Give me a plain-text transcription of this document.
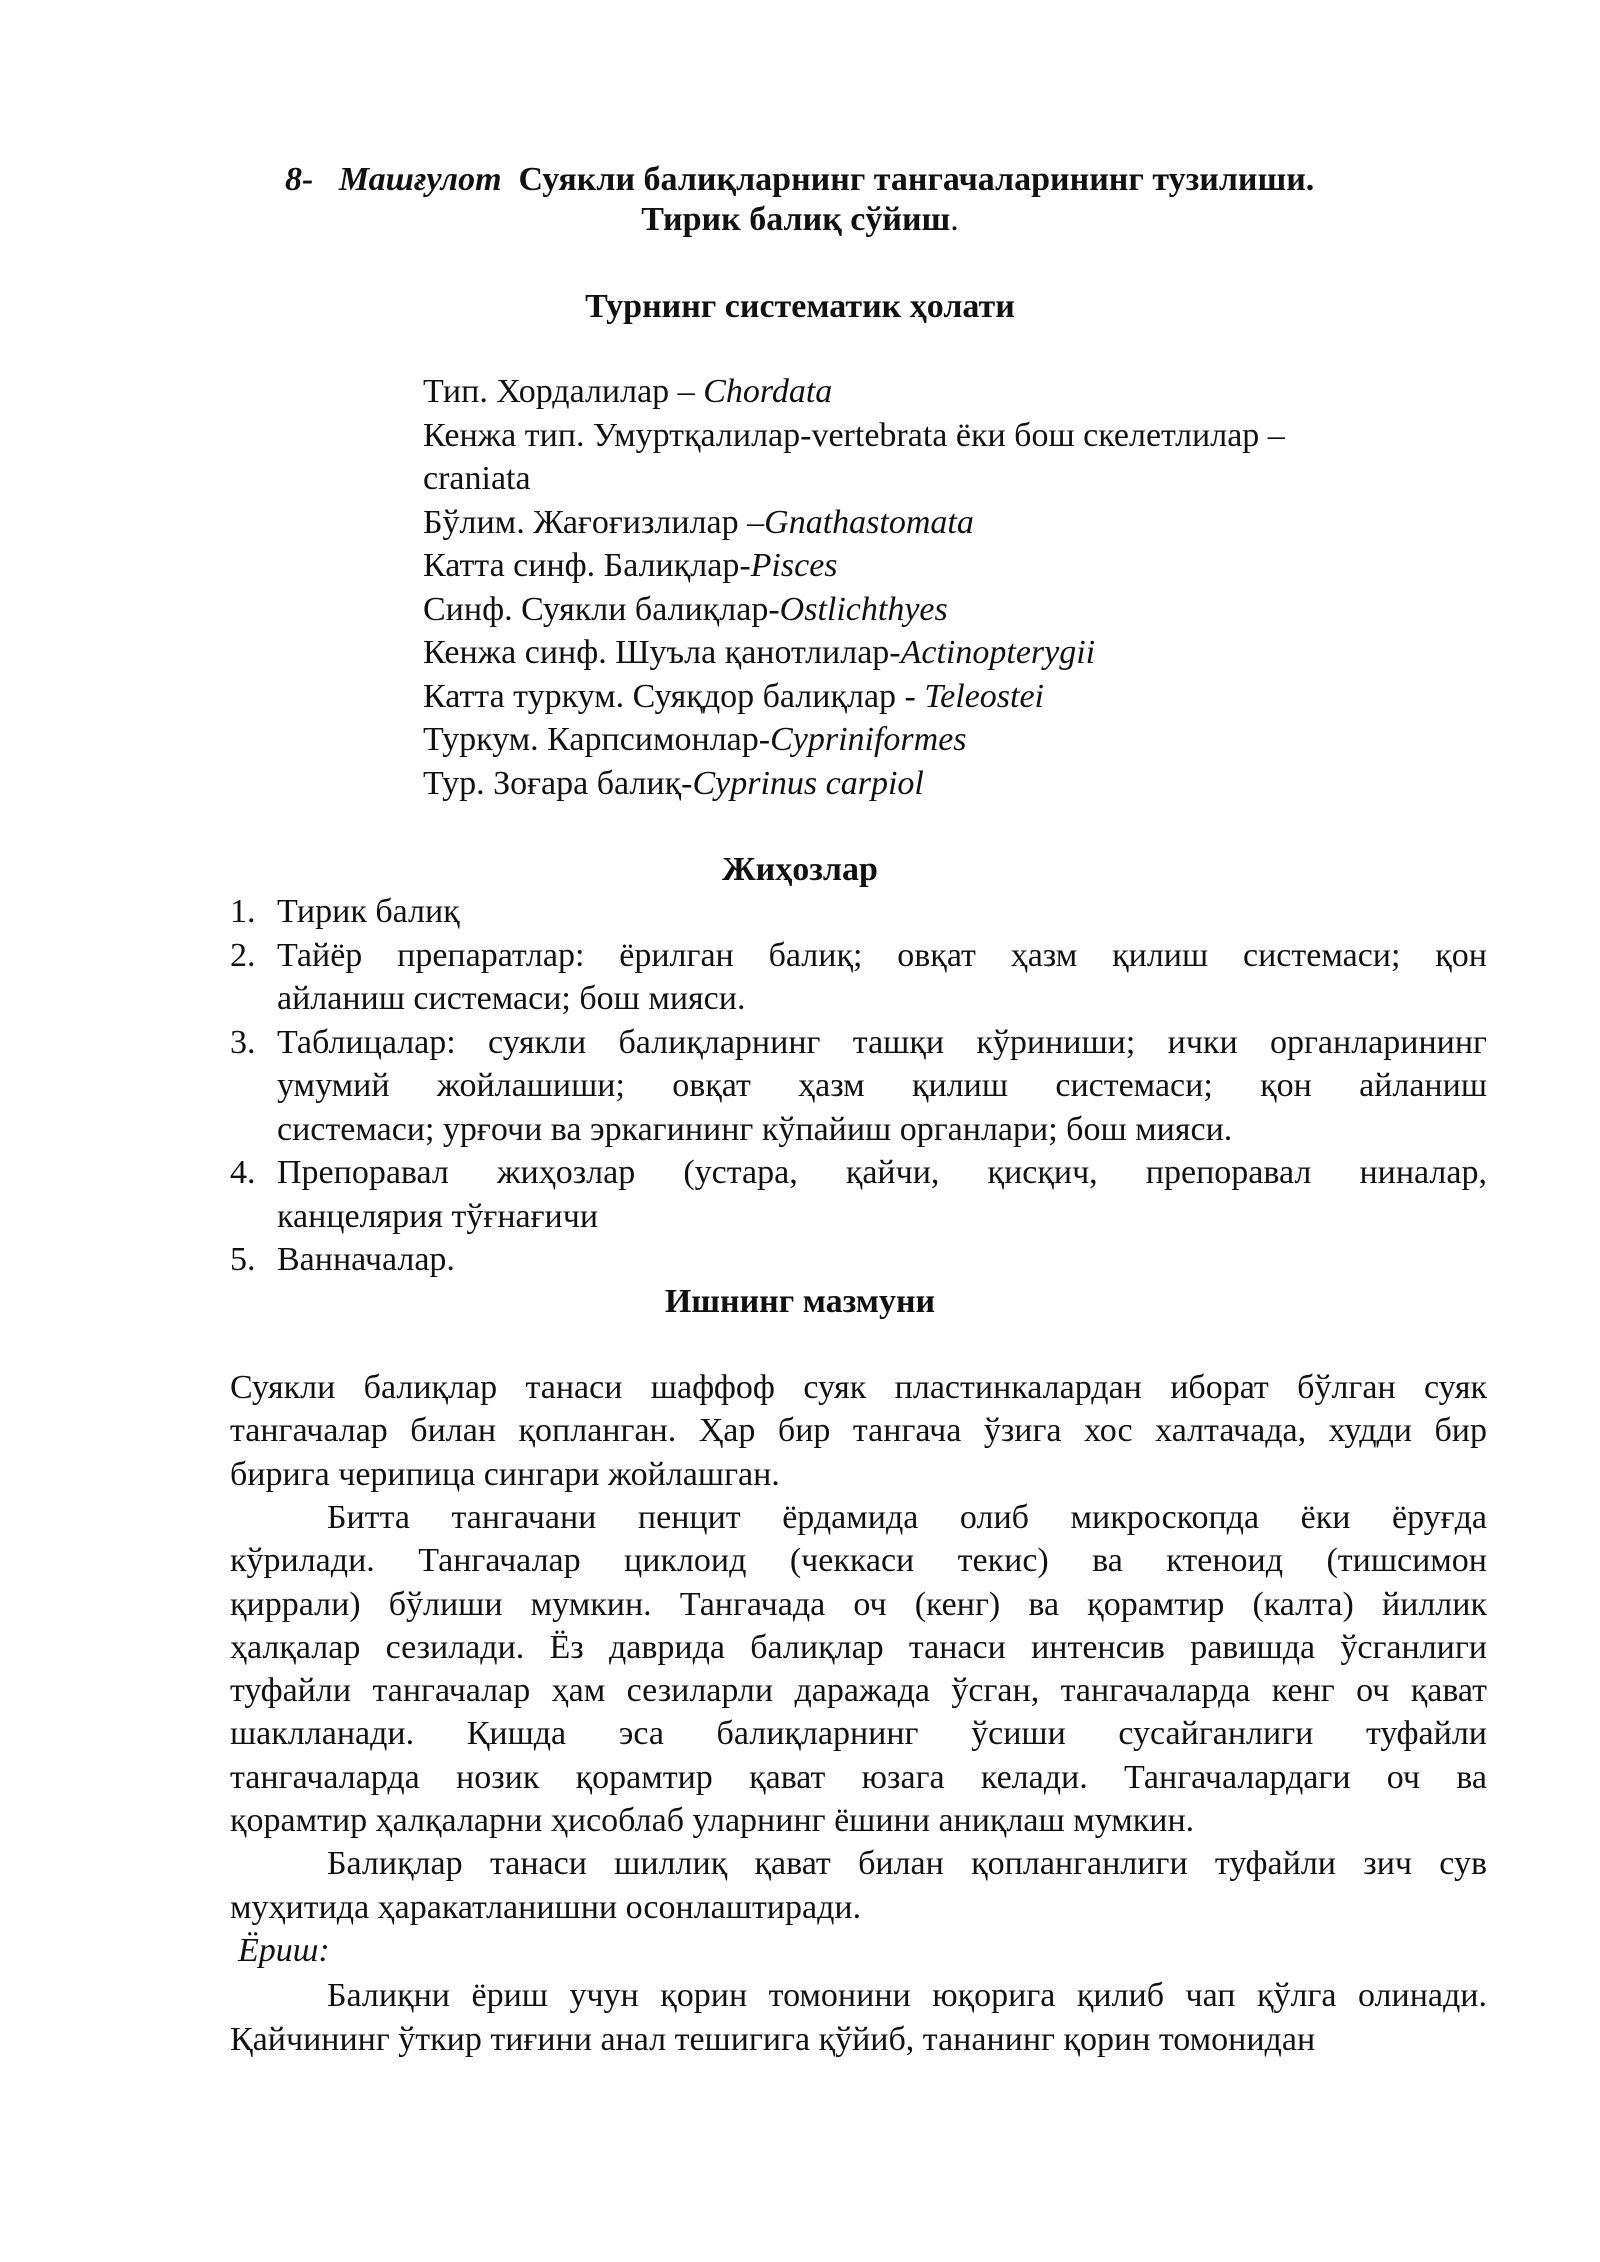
8- Машғулот Суякли балиқларнинг тангачаларининг тузилиши.
Тирик балиқ сўйиш.
Турнинг систематик ҳолати
Тип. Хордалилар – Chordata
Кенжа тип. Умуртқалилар-vertebrata ёки бош скелетлилар –
craniata
Бўлим. Жағоғизлилар –Gnathastomata
Катта синф. Балиқлар-Pisces
Синф. Суякли балиқлар-Ostlichthyes
Кенжа синф. Шуъла қанотлилар-Actinopterygii
Катта туркум. Суяқдор балиқлар - Teleostei
Туркум. Карпсимонлар-Cypriniformes
Тур. Зоғара балиқ-Cyprinus carpiol
Жиҳозлар
1. Тирик балиқ
2. Тайёр препаратлар: ёрилган балиқ; овқат ҳазм қилиш системаси; қон
айланиш системаси; бош мияси.
3. Таблицалар: суякли балиқларнинг ташқи кўриниши; ички органларининг
умумий жойлашиши; овқат ҳазм қилиш системаси; қон айланиш
системаси; урғочи ва эркагининг кўпайиш органлари; бош мияси.
4. Препоравал жиҳозлар (устара, қайчи, қисқич, препоравал ниналар,
канцелярия тўғнағичи
5. Ванначалар.
Ишнинг мазмуни
Суякли балиқлар танаси шаффоф суяк пластинкалардан иборат бўлган суяк
тангачалар билан қопланган. Ҳар бир тангача ўзига хос халтачада, худди бир
бирига черипица сингари жойлашган.
Битта тангачани пенцит ёрдамида олиб микроскопда ёки ёруғда
кўрилади. Тангачалар циклоид (чеккаси текис) ва ктеноид (тишсимон
қиррали) бўлиши мумкин. Тангачада оч (кенг) ва қорамтир (калта) йиллик
ҳалқалар сезилади. Ёз даврида балиқлар танаси интенсив равишда ўсганлиги
туфайли тангачалар ҳам сезиларли даражада ўсган, тангачаларда кенг оч қават
шаклланади. Қишда эса балиқларнинг ўсиши сусайганлиги туфайли
тангачаларда нозик қорамтир қават юзага келади. Тангачалардаги оч ва
қорамтир ҳалқаларни ҳисоблаб уларнинг ёшини аниқлаш мумкин.
Балиқлар танаси шиллиқ қават билан қопланганлиги туфайли зич сув
муҳитида ҳаракатланишни осонлаштиради.
Ёриш:
Балиқни ёриш учун қорин томонини юқорига қилиб чап қўлга олинади.
Қайчининг ўткир тиғини анал тешигига қўйиб, тананинг қорин томонидан
